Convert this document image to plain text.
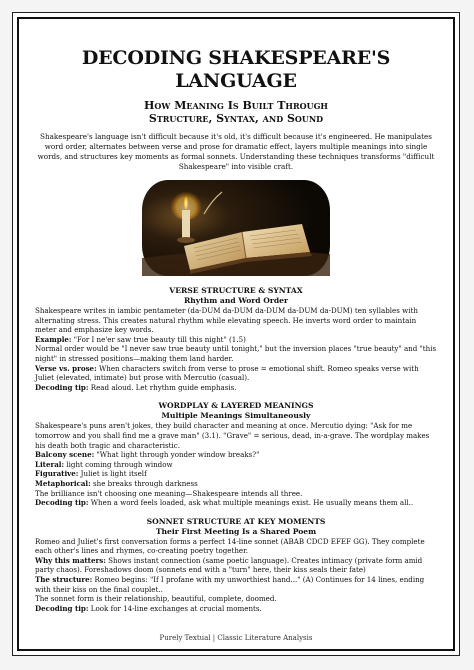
DECODING SHAKESPEARE'S
LANGUAGE
How Meaning Is Built Through
Structure, Syntax, and Sound

Shakespeare's language isn't difficult because it's old, it's difficult because it's engineered. He manipulates word order, alternates between verse and prose for dramatic effect, layers multiple meanings into single words, and structures key moments as formal sonnets. Understanding these techniques transforms "difficult Shakespeare" into visible craft.

VERSE STRUCTURE & SYNTAX
Rhythm and Word Order

Shakespeare writes in iambic pentameter (da-DUM da-DUM da-DUM da-DUM da-DUM) ten syllables with alternating stress. This creates natural rhythm while elevating speech. He inverts word order to maintain meter and emphasize key words.

Example: "For I ne'er saw true beauty till this night" (1.5)

Normal order would be "I never saw true beauty until tonight," but the inversion places "true beauty" and "this night" in stressed positions—making them land harder.

Verse vs. prose: When characters switch from verse to prose = emotional shift. Romeo speaks verse with Juliet (elevated, intimate) but prose with Mercutio (casual).

Decoding tip: Read aloud. Let rhythm guide emphasis.

WORDPLAY & LAYERED MEANINGS
Multiple Meanings Simultaneously

Shakespeare's puns aren't jokes, they build character and meaning at once. Mercutio dying: "Ask for me tomorrow and you shall find me a grave man" (3.1). "Grave" = serious, dead, in-a-grave. The wordplay makes his death both tragic and characteristic.

Balcony scene: "What light through yonder window breaks?"

Literal: light coming through window

Figurative: Juliet is light itself

Metaphorical: she breaks through darkness

The brilliance isn't choosing one meaning—Shakespeare intends all three.

Decoding tip: When a word feels loaded, ask what multiple meanings exist. He usually means them all..

SONNET STRUCTURE AT KEY MOMENTS
Their First Meeting Is a Shared Poem

Romeo and Juliet's first conversation forms a perfect 14-line sonnet (ABAB CDCD EFEF GG). They complete each other's lines and rhymes, co-creating poetry together.

Why this matters: Shows instant connection (same poetic language). Creates intimacy (private form amid party chaos). Foreshadows doom (sonnets end with a "turn" here, their kiss seals their fate)

The structure: Romeo begins: "If I profane with my unworthiest hand..." (A) Continues for 14 lines, ending with their kiss on the final couplet..

The sonnet form is their relationship, beautiful, complete, doomed.

Decoding tip: Look for 14-line exchanges at crucial moments.

Purely Textual | Classic Literature Analysis
